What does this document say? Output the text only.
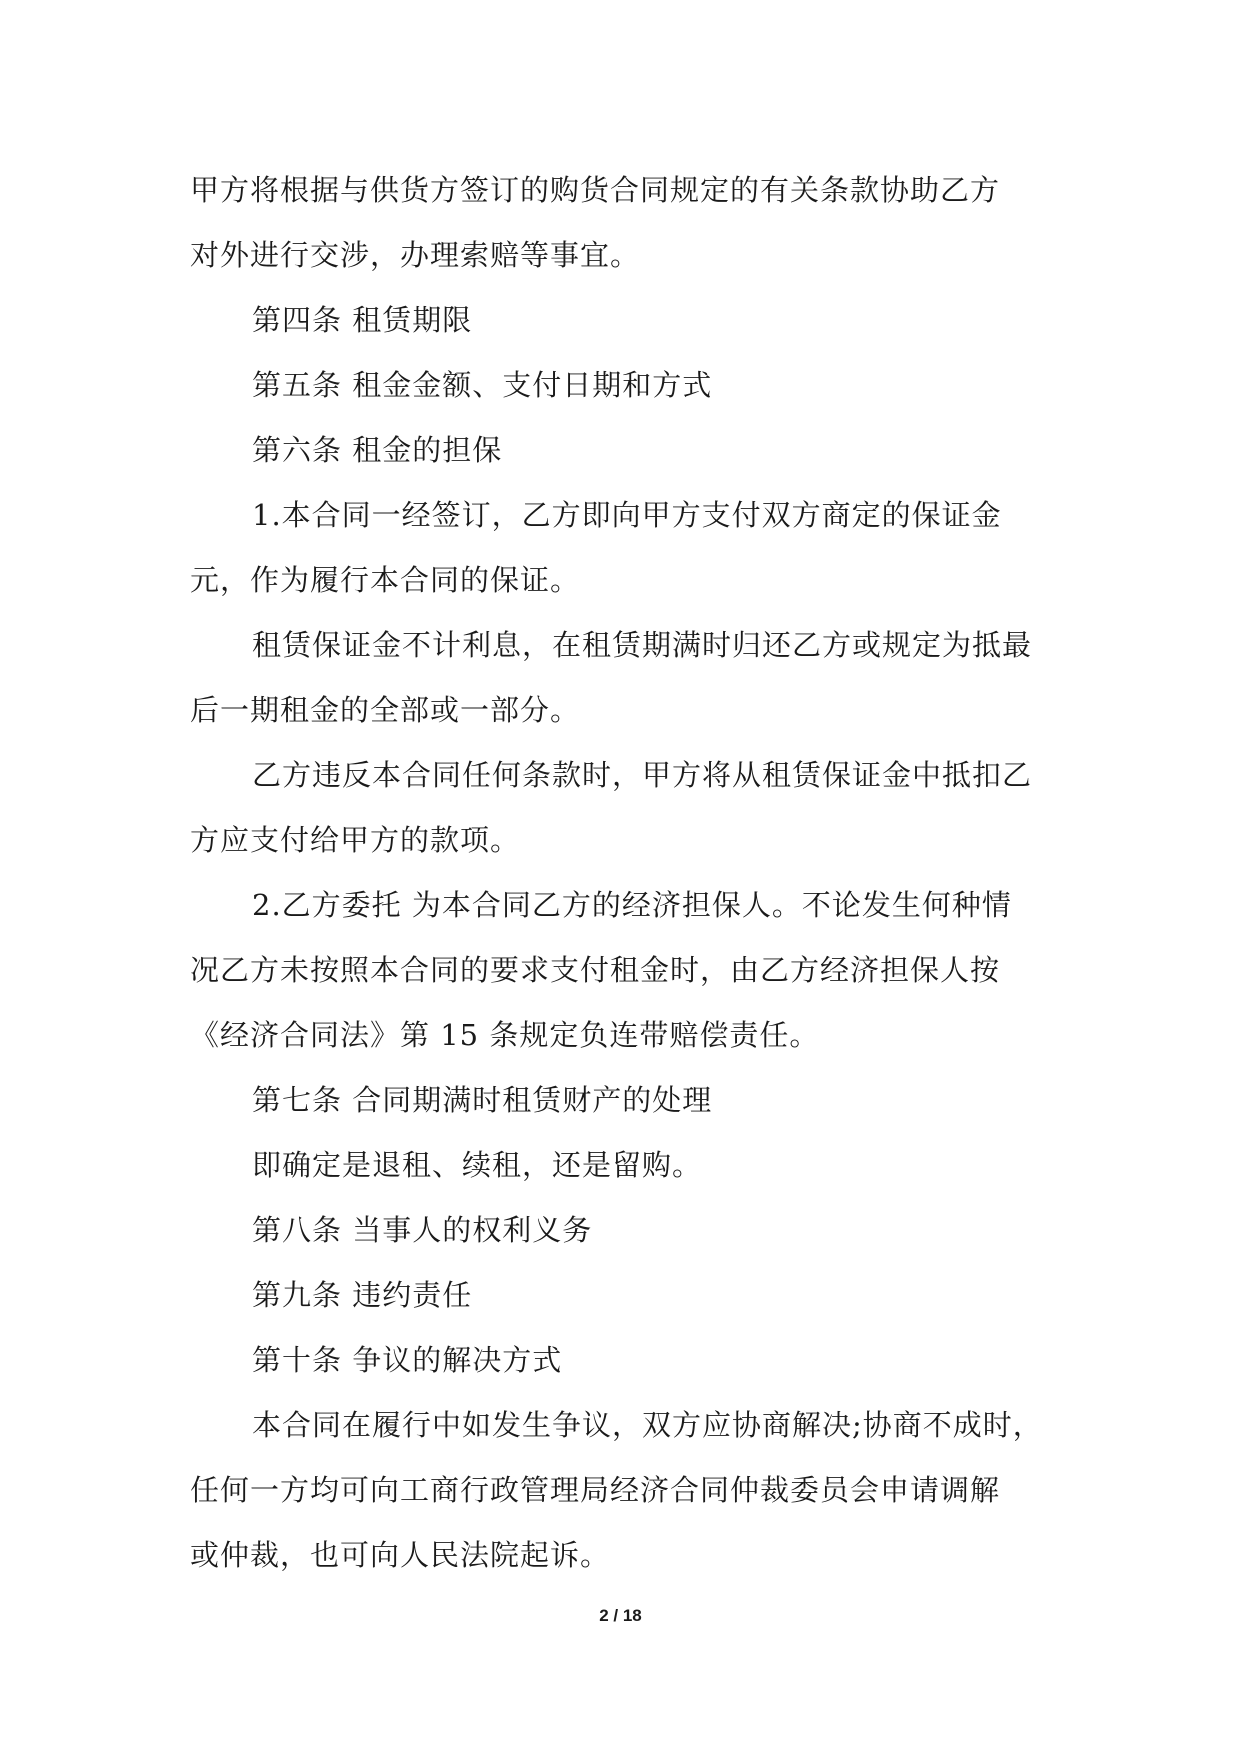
甲方将根据与供货方签订的购货合同规定的有关条款协助乙方
对外进行交涉，办理索赔等事宜。
第四条 租赁期限
第五条 租金金额、支付日期和方式
第六条 租金的担保
1.本合同一经签订，乙方即向甲方支付双方商定的保证金
元，作为履行本合同的保证。
租赁保证金不计利息，在租赁期满时归还乙方或规定为抵最
后一期租金的全部或一部分。
乙方违反本合同任何条款时，甲方将从租赁保证金中抵扣乙
方应支付给甲方的款项。
2.乙方委托 为本合同乙方的经济担保人。不论发生何种情
况乙方未按照本合同的要求支付租金时，由乙方经济担保人按
《经济合同法》第 15 条规定负连带赔偿责任。
第七条 合同期满时租赁财产的处理
即确定是退租、续租，还是留购。
第八条 当事人的权利义务
第九条 违约责任
第十条 争议的解决方式
本合同在履行中如发生争议，双方应协商解决;协商不成时，
任何一方均可向工商行政管理局经济合同仲裁委员会申请调解
或仲裁，也可向人民法院起诉。
2 / 18
